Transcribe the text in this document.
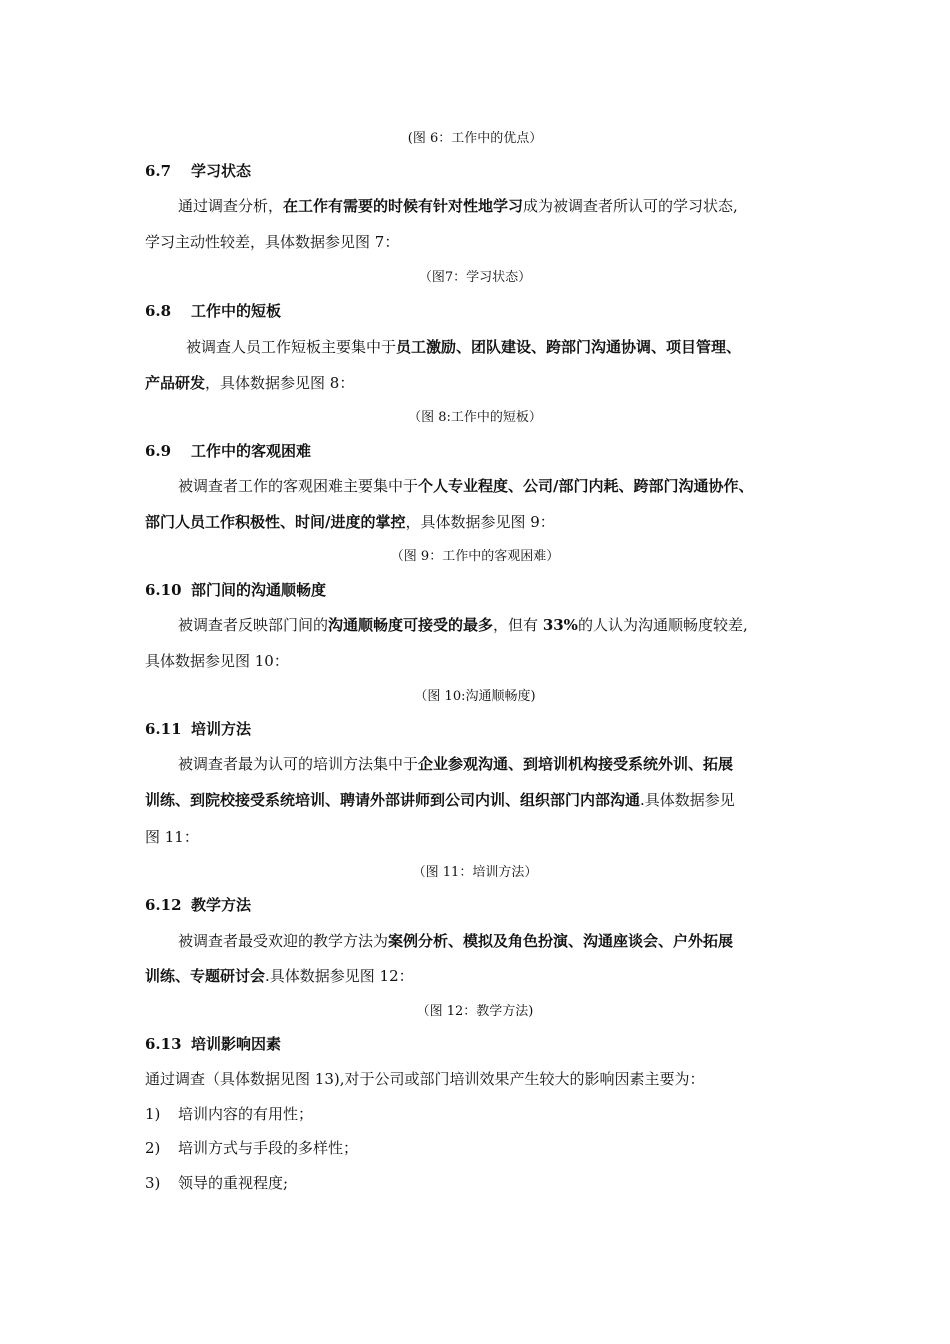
(图 6：工作中的优点）
6.7 学习状态
通过调查分析，在工作有需要的时候有针对性地学习成为被调查者所认可的学习状态,
学习主动性较差，具体数据参见图 7：
（图7：学习状态）
6.8 工作中的短板
被调查人员工作短板主要集中于员工激励、团队建设、跨部门沟通协调、项目管理、
产品研发，具体数据参见图 8：
（图 8:工作中的短板）
6.9 工作中的客观困难
被调查者工作的客观困难主要集中于个人专业程度、公司/部门内耗、跨部门沟通协作、
部门人员工作积极性、时间/进度的掌控，具体数据参见图 9：
（图 9：工作中的客观困难）
6.10 部门间的沟通顺畅度
被调查者反映部门间的沟通顺畅度可接受的最多，但有 33%的人认为沟通顺畅度较差,
具体数据参见图 10：
（图 10:沟通顺畅度)
6.11 培训方法
被调查者最为认可的培训方法集中于企业参观沟通、到培训机构接受系统外训、拓展
训练、到院校接受系统培训、聘请外部讲师到公司内训、组织部门内部沟通.具体数据参见
图 11：
（图 11：培训方法）
6.12 教学方法
被调查者最受欢迎的教学方法为案例分析、模拟及角色扮演、沟通座谈会、户外拓展
训练、专题研讨会.具体数据参见图 12：
（图 12：教学方法)
6.13 培训影响因素
通过调查（具体数据见图 13),对于公司或部门培训效果产生较大的影响因素主要为：
1) 培训内容的有用性；
2) 培训方式与手段的多样性；
3) 领导的重视程度;
